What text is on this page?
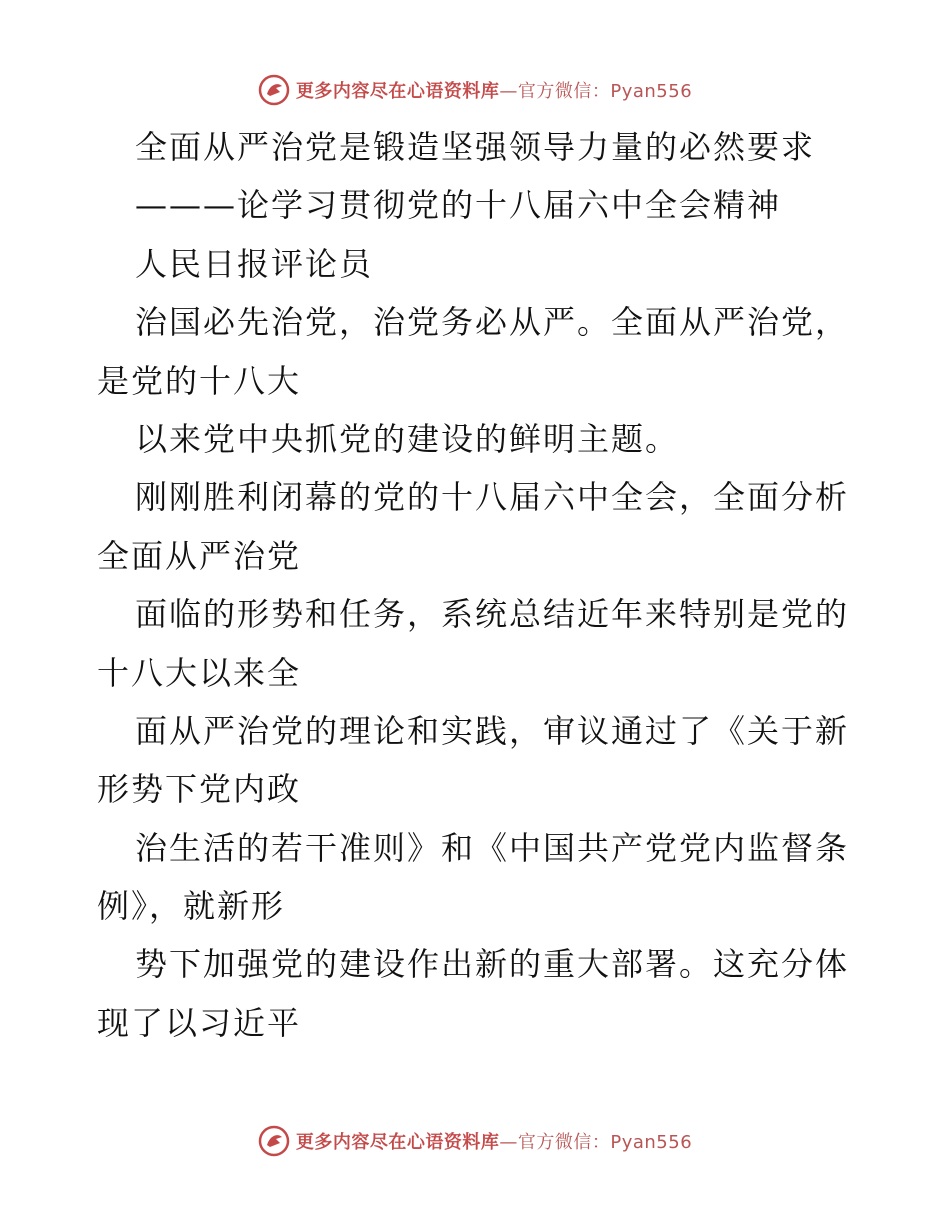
更多内容尽在心语资料库—官方微信：Pyan556
全面从严治党是锻造坚强领导力量的必然要求
———论学习贯彻党的十八届六中全会精神
人民日报评论员
治国必先治党，治党务必从严。全面从严治党，
是党的十八大
以来党中央抓党的建设的鲜明主题。
刚刚胜利闭幕的党的十八届六中全会，全面分析
全面从严治党
面临的形势和任务，系统总结近年来特别是党的
十八大以来全
面从严治党的理论和实践，审议通过了《关于新
形势下党内政
治生活的若干准则》和《中国共产党党内监督条
例》，就新形
势下加强党的建设作出新的重大部署。这充分体
现了以习近平
更多内容尽在心语资料库—官方微信：Pyan556
